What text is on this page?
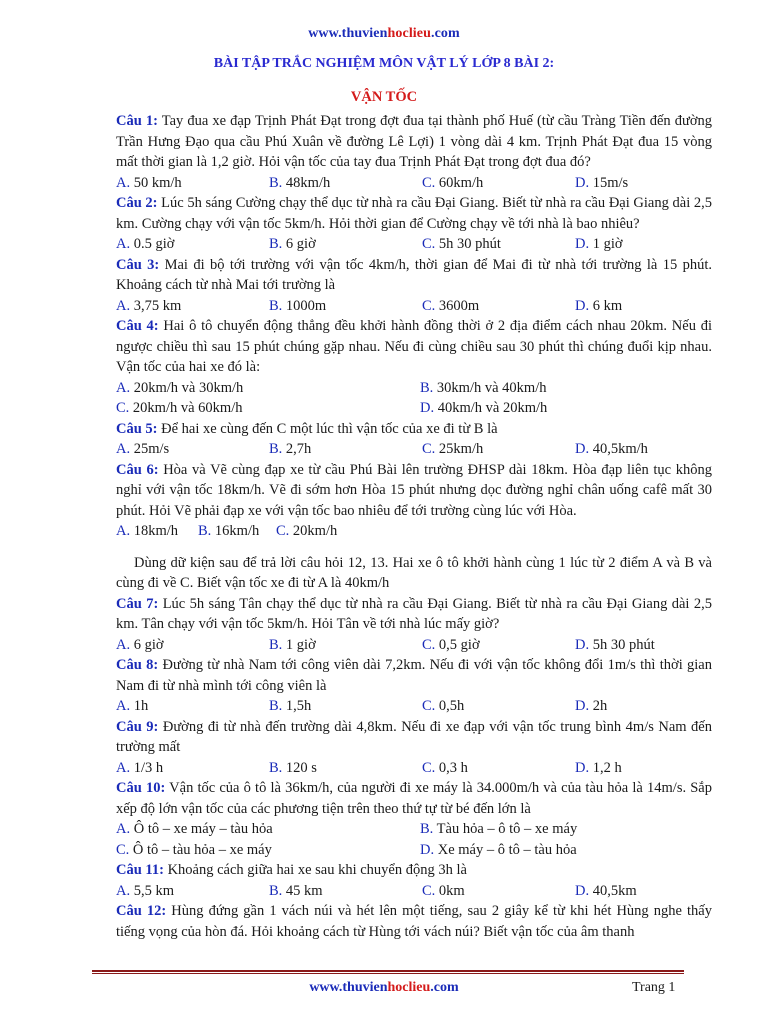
www.thuvienhoclieu.com
BÀI TẬP TRẮC NGHIỆM MÔN VẬT LÝ LỚP 8 BÀI 2:
VẬN TỐC

Câu 1: Tay đua xe đạp Trịnh Phát Đạt trong đợt đua tại thành phố Huế (từ cầu Tràng Tiền đến đường Trần Hưng Đạo qua cầu Phú Xuân về đường Lê Lợi) 1 vòng dài 4 km. Trịnh Phát Đạt đua 15 vòng mất thời gian là 1,2 giờ. Hỏi vận tốc của tay đua Trịnh Phát Đạt trong đợt đua đó?

A. 50 km/h	B. 48km/h	C. 60km/h	D. 15m/s

Câu 2: Lúc 5h sáng Cường chạy thể dục từ nhà ra cầu Đại Giang. Biết từ nhà ra cầu Đại Giang dài 2,5 km. Cường chạy với vận tốc 5km/h. Hỏi thời gian để Cường chạy về tới nhà là bao nhiêu?

A. 0.5 giờ	B. 6 giờ	C. 5h 30 phút	D. 1 giờ

Câu 3: Mai đi bộ tới trường với vận tốc 4km/h, thời gian để Mai đi từ nhà tới trường là 15 phút. Khoảng cách từ nhà Mai tới trường là

A. 3,75 km	B. 1000m	C. 3600m	D. 6 km

Câu 4: Hai ô tô chuyển động thẳng đều khởi hành đồng thời ở 2 địa điểm cách nhau 20km. Nếu đi ngược chiều thì sau 15 phút chúng gặp nhau. Nếu đi cùng chiều sau 30 phút thì chúng đuổi kịp nhau. Vận tốc của hai xe đó là:

A. 20km/h và 30km/h	B. 30km/h và 40km/h
C. 20km/h và 60km/h	D. 40km/h và 20km/h

Câu 5: Để hai xe cùng đến C một lúc thì vận tốc của xe đi từ B là

A. 25m/s	B. 2,7h	C. 25km/h	D. 40,5km/h

Câu 6: Hòa và Vẽ cùng đạp xe từ cầu Phú Bài lên trường ĐHSP dài 18km. Hòa đạp liên tục không nghỉ với vận tốc 18km/h. Vẽ đi sớm hơn Hòa 15 phút nhưng dọc đường nghỉ chân uống cafê mất 30 phút. Hỏi Vẽ phải đạp xe với vận tốc bao nhiêu để tới trường cùng lúc với Hòa.

A. 18km/h	B. 16km/h	C. 20km/h

Dùng dữ kiện sau để trả lời câu hỏi 12, 13. Hai xe ô tô khởi hành cùng 1 lúc từ 2 điểm A và B và cùng đi về C. Biết vận tốc xe đi từ A là 40km/h

Câu 7: Lúc 5h sáng Tân chạy thể dục từ nhà ra cầu Đại Giang. Biết từ nhà ra cầu Đại Giang dài 2,5 km. Tân chạy với vận tốc 5km/h. Hỏi Tân về tới nhà lúc mấy giờ?

A. 6 giờ	B. 1 giờ	C. 0,5 giờ	D. 5h 30 phút

Câu 8: Đường từ nhà Nam tới công viên dài 7,2km. Nếu đi với vận tốc không đổi 1m/s thì thời gian Nam đi từ nhà mình tới công viên là

A. 1h	B. 1,5h	C. 0,5h	D. 2h

Câu 9: Đường đi từ nhà đến trường dài 4,8km. Nếu đi xe đạp với vận tốc trung bình 4m/s Nam đến trường mất

A. 1/3 h	B. 120 s	C. 0,3 h	D. 1,2 h

Câu 10: Vận tốc của ô tô là 36km/h, của người đi xe máy là 34.000m/h và của tàu hỏa là 14m/s. Sắp xếp độ lớn vận tốc của các phương tiện trên theo thứ tự từ bé đến lớn là

A. Ô tô – xe máy – tàu hỏa	B. Tàu hỏa – ô tô – xe máy
C. Ô tô – tàu hỏa – xe máy	D. Xe máy – ô tô – tàu hỏa

Câu 11: Khoảng cách giữa hai xe sau khi chuyển động 3h là

A. 5,5 km	B. 45 km	C. 0km	D. 40,5km

Câu 12: Hùng đứng gần 1 vách núi và hét lên một tiếng, sau 2 giây kể từ khi hét Hùng nghe thấy tiếng vọng của hòn đá. Hỏi khoảng cách từ Hùng tới vách núi? Biết vận tốc của âm thanh

www.thuvienhoclieu.com	Trang 1
